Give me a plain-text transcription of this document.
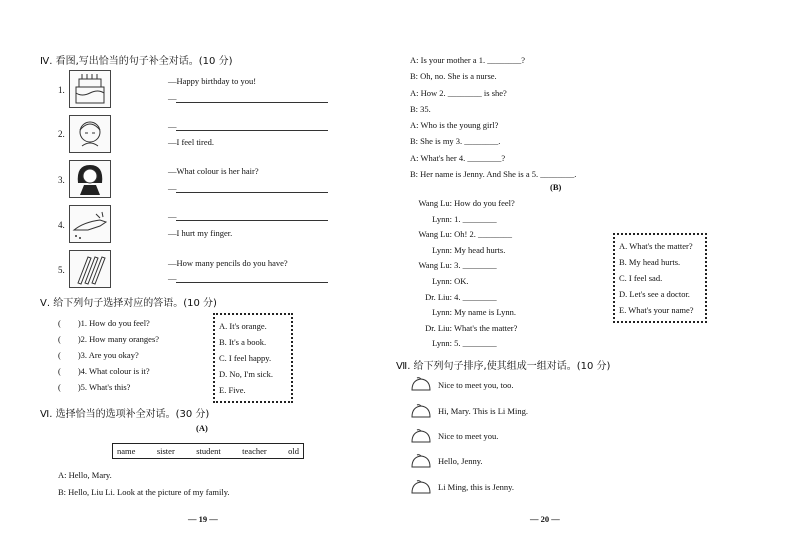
Ⅳ. 看图,写出恰当的句子补全对话。(10 分)
1.
—Happy birthday to you!
—
2.
—
—I feel tired.
3.
—What colour is her hair?
—
4.
—
—I hurt my finger.
5.
—How many pencils do you have?
—
Ⅴ. 给下列句子选择对应的答语。(10 分)
(　　)1. How do you feel?
(　　)2. How many oranges?
(　　)3. Are you okay?
(　　)4. What colour is it?
(　　)5. What's this?
A. It's orange.
B. It's a book.
C. I feel happy.
D. No, I'm sick.
E. Five.
Ⅵ. 选择恰当的选项补全对话。(30 分)
(A)
name	sister	student	teacher	old
A: Hello, Mary.
B: Hello, Liu Li. Look at the picture of my family.
— 19 —
A: Is your mother a 1. ________?
B: Oh, no. She is a nurse.
A: How 2. ________ is she?
B: 35.
A: Who is the young girl?
B: She is my 3. ________.
A: What's her 4. ________?
B: Her name is Jenny. And She is a 5. ________.
(B)
Wang Lu: How do you feel?
Lynn: 1. ________
Wang Lu: Oh! 2. ________
Lynn: My head hurts.
Wang Lu: 3. ________
Lynn: OK.
Dr. Liu: 4. ________
Lynn: My name is Lynn.
Dr. Liu: What's the matter?
Lynn: 5. ________
A. What's the matter?
B. My head hurts.
C. I feel sad.
D. Let's see a doctor.
E. What's your name?
Ⅶ. 给下列句子排序,使其组成一组对话。(10 分)
Nice to meet you, too.
Hi, Mary. This is Li Ming.
Nice to meet you.
Hello, Jenny.
Li Ming, this is Jenny.
— 20 —
